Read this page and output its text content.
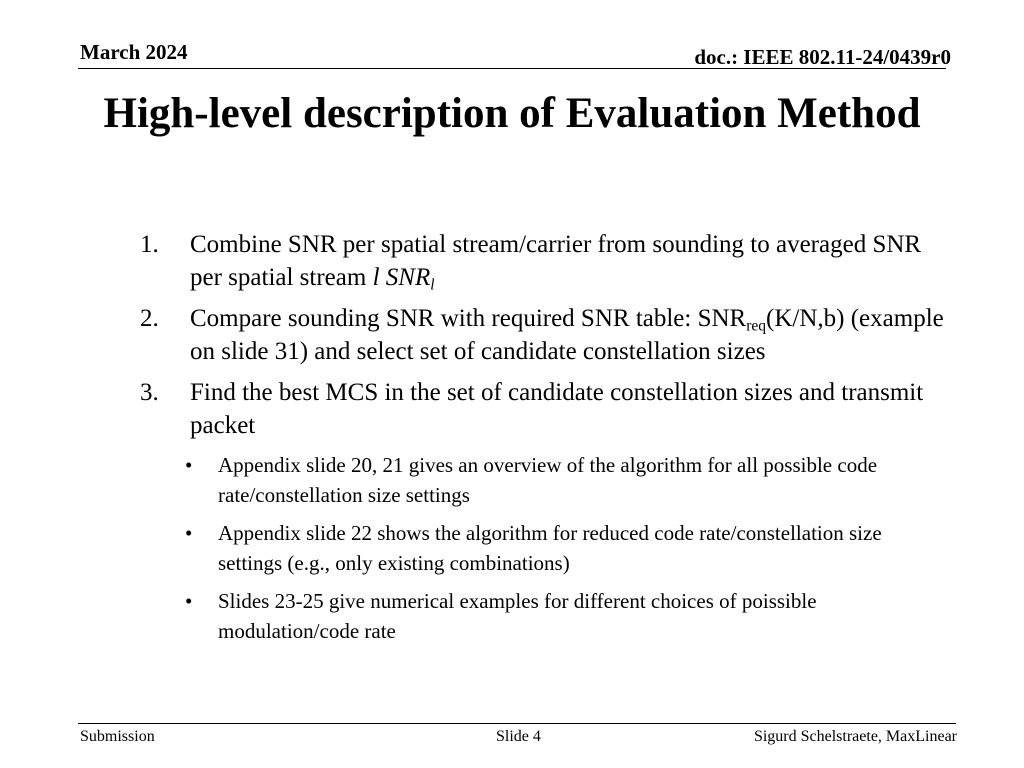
March 2024	doc.: IEEE 802.11-24/0439r0
High-level description of Evaluation Method
1.	Combine SNR per spatial stream/carrier from sounding to averaged SNR per spatial stream l $SNR_l$
2.	Compare sounding SNR with required SNR table: $SNR_{req}(K/N,b)$ (example on slide 31) and select set of candidate constellation sizes
3.	Find the best MCS in the set of candidate constellation sizes and transmit packet
•	Appendix slide 20, 21 gives an overview of the algorithm for all possible code rate/constellation size settings
•	Appendix slide 22 shows the algorithm for reduced code rate/constellation size settings (e.g., only existing combinations)
•	Slides 23-25 give numerical examples for different choices of poissible modulation/code rate
Submission	Slide 4	Sigurd Schelstraete, MaxLinear
